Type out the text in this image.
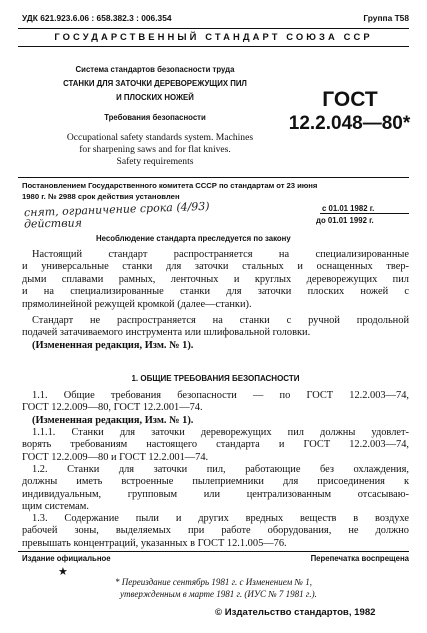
УДК 621.923.6.06 : 658.382.3 : 006.354	Группа Т58
ГОСУДАРСТВЕННЫЙ СТАНДАРТ СОЮЗА ССР
Система стандартов безопасности труда
СТАНКИ ДЛЯ ЗАТОЧКИ ДЕРЕВОРЕЖУЩИХ ПИЛ
И ПЛОСКИХ НОЖЕЙ
Требования безопасности
Occupational safety standards system. Machines
for sharpening saws and for flat knives.
Safety requirements
ГОСТ
12.2.048—80*
Постановлением Государственного комитета СССР по стандартам от 23 июня
1980 г. № 2988 срок действия установлен
снят, ограничение срока (4/93)
действия
с 01.01 1982 г.
до 01.01 1992 г.
Несоблюдение стандарта преследуется по закону
Настоящий стандарт распространяется на специализированные
и универсальные станки для заточки стальных и оснащенных твер-
дыми сплавами рамных, ленточных и круглых дереворежущих пил
и на специализированные станки для заточки плоских ножей с
прямолинейной режущей кромкой (далее—станки).
Стандарт не распространяется на станки с ручной продольной
подачей затачиваемого инструмента или шлифовальной головки.
(Измененная редакция, Изм. № 1).
1. ОБЩИЕ ТРЕБОВАНИЯ БЕЗОПАСНОСТИ
1.1. Общие требования безопасности — по ГОСТ 12.2.003—74,
ГОСТ 12.2.009—80, ГОСТ 12.2.001—74.
(Измененная редакция, Изм. № 1).
1.1.1. Станки для заточки дереворежущих пил должны удовлет-
ворять требованиям настоящего стандарта и ГОСТ 12.2.003—74,
ГОСТ 12.2.009—80 и ГОСТ 12.2.001—74.
1.2. Станки для заточки пил, работающие без охлаждения,
должны иметь встроенные пылеприемники для присоединения к
индивидуальным, групповым или централизованным отсасываю-
щим системам.
1.3. Содержание пыли и других вредных веществ в воздухе
рабочей зоны, выделяемых при работе оборудования, не должно
превышать концентраций, указанных в ГОСТ 12.1.005—76.
Издание официальное	Перепечатка воспрещена
★
* Переиздание сентябрь 1981 г. с Изменением № 1,
утвержденным в марте 1981 г. (ИУС № 7 1981 г.).
© Издательство стандартов, 1982
